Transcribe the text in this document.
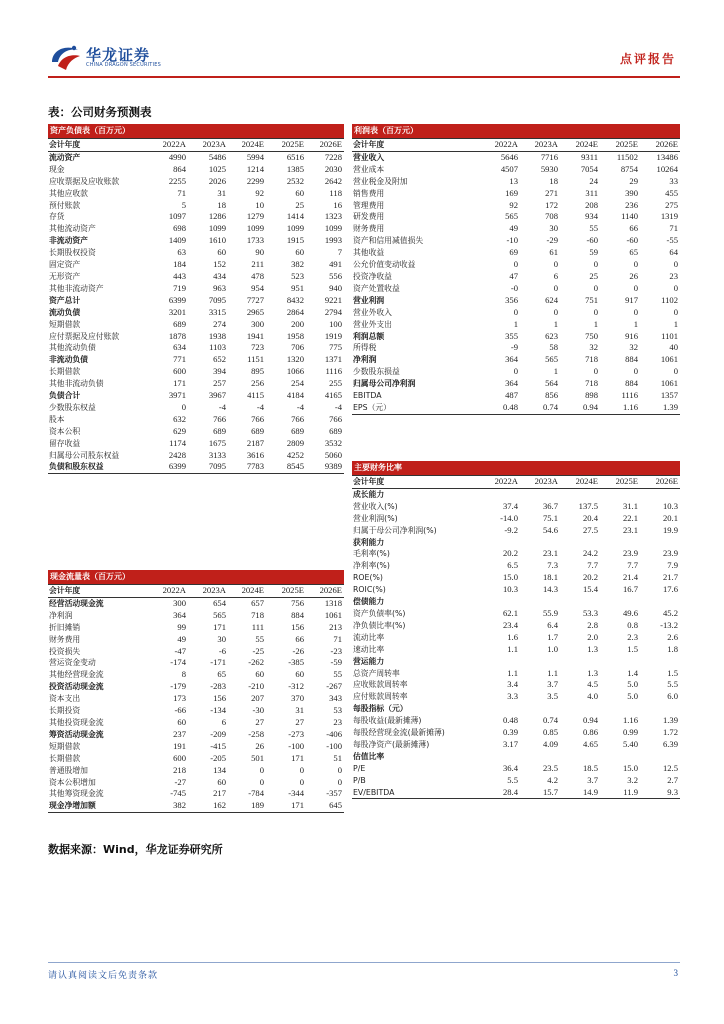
华龙证券
CHINA DRAGON SECURITIES	点评报告
表：公司财务预测表
资产负债表（百万元）
会计年度	2022A	2023A	2024E	2025E	2026E
流动资产	4990	5486	5994	6516	7228
现金	864	1025	1214	1385	2030
应收票据及应收账款	2255	2026	2299	2532	2642
其他应收款	71	31	92	60	118
预付账款	5	18	10	25	16
存货	1097	1286	1279	1414	1323
其他流动资产	698	1099	1099	1099	1099
非流动资产	1409	1610	1733	1915	1993
长期股权投资	63	60	90	60	7
固定资产	184	152	211	382	491
无形资产	443	434	478	523	556
其他非流动资产	719	963	954	951	940
资产总计	6399	7095	7727	8432	9221
流动负债	3201	3315	2965	2864	2794
短期借款	689	274	300	200	100
应付票据及应付账款	1878	1938	1941	1958	1919
其他流动负债	634	1103	723	706	775
非流动负债	771	652	1151	1320	1371
长期借款	600	394	895	1066	1116
其他非流动负债	171	257	256	254	255
负债合计	3971	3967	4115	4184	4165
少数股东权益	0	-4	-4	-4	-4
股本	632	766	766	766	766
资本公积	629	689	689	689	689
留存收益	1174	1675	2187	2809	3532
归属母公司股东权益	2428	3133	3616	4252	5060
负债和股东权益	6399	7095	7783	8545	9389
现金流量表（百万元）
会计年度	2022A	2023A	2024E	2025E	2026E
经营活动现金流	300	654	657	756	1318
净利润	364	565	718	884	1061
折旧摊销	99	171	111	156	213
财务费用	49	30	55	66	71
投资损失	-47	-6	-25	-26	-23
营运资金变动	-174	-171	-262	-385	-59
其他经营现金流	8	65	60	60	55
投资活动现金流	-179	-283	-210	-312	-267
资本支出	173	156	207	370	343
长期投资	-66	-134	-30	31	53
其他投资现金流	60	6	27	27	23
筹资活动现金流	237	-209	-258	-273	-406
短期借款	191	-415	26	-100	-100
长期借款	600	-205	501	171	51
普通股增加	218	134	0	0	0
资本公积增加	-27	60	0	0	0
其他筹资现金流	-745	217	-784	-344	-357
现金净增加额	382	162	189	171	645
利润表（百万元）
会计年度	2022A	2023A	2024E	2025E	2026E
营业收入	5646	7716	9311	11502	13486
营业成本	4507	5930	7054	8754	10264
营业税金及附加	13	18	24	29	33
销售费用	169	271	311	390	455
管理费用	92	172	208	236	275
研发费用	565	708	934	1140	1319
财务费用	49	30	55	66	71
资产和信用减值损失	-10	-29	-60	-60	-55
其他收益	69	61	59	65	64
公允价值变动收益	0	0	0	0	0
投资净收益	47	6	25	26	23
资产处置收益	-0	0	0	0	0
营业利润	356	624	751	917	1102
营业外收入	0	0	0	0	0
营业外支出	1	1	1	1	1
利润总额	355	623	750	916	1101
所得税	-9	58	32	32	40
净利润	364	565	718	884	1061
少数股东损益	0	1	0	0	0
归属母公司净利润	364	564	718	884	1061
EBITDA	487	856	898	1116	1357
EPS（元）	0.48	0.74	0.94	1.16	1.39
主要财务比率
会计年度	2022A	2023A	2024E	2025E	2026E
成长能力					
营业收入(%)	37.4	36.7	137.5	31.1	10.3
营业利润(%)	-14.0	75.1	20.4	22.1	20.1
归属于母公司净利润(%)	-9.2	54.6	27.5	23.1	19.9
获利能力					
毛利率(%)	20.2	23.1	24.2	23.9	23.9
净利率(%)	6.5	7.3	7.7	7.7	7.9
ROE(%)	15.0	18.1	20.2	21.4	21.7
ROIC(%)	10.3	14.3	15.4	16.7	17.6
偿债能力					
资产负债率(%)	62.1	55.9	53.3	49.6	45.2
净负债比率(%)	23.4	6.4	2.8	0.8	-13.2
流动比率	1.6	1.7	2.0	2.3	2.6
速动比率	1.1	1.0	1.3	1.5	1.8
营运能力					
总资产周转率	1.1	1.1	1.3	1.4	1.5
应收账款周转率	3.4	3.7	4.5	5.0	5.5
应付账款周转率	3.3	3.5	4.0	5.0	6.0
每股指标（元）					
每股收益(最新摊薄)	0.48	0.74	0.94	1.16	1.39
每股经营现金流(最新摊薄)	0.39	0.85	0.86	0.99	1.72
每股净资产(最新摊薄)	3.17	4.09	4.65	5.40	6.39
估值比率					
P/E	36.4	23.5	18.5	15.0	12.5
P/B	5.5	4.2	3.7	3.2	2.7
EV/EBITDA	28.4	15.7	14.9	11.9	9.3
数据来源：Wind，华龙证券研究所
请认真阅读文后免责条款	3
